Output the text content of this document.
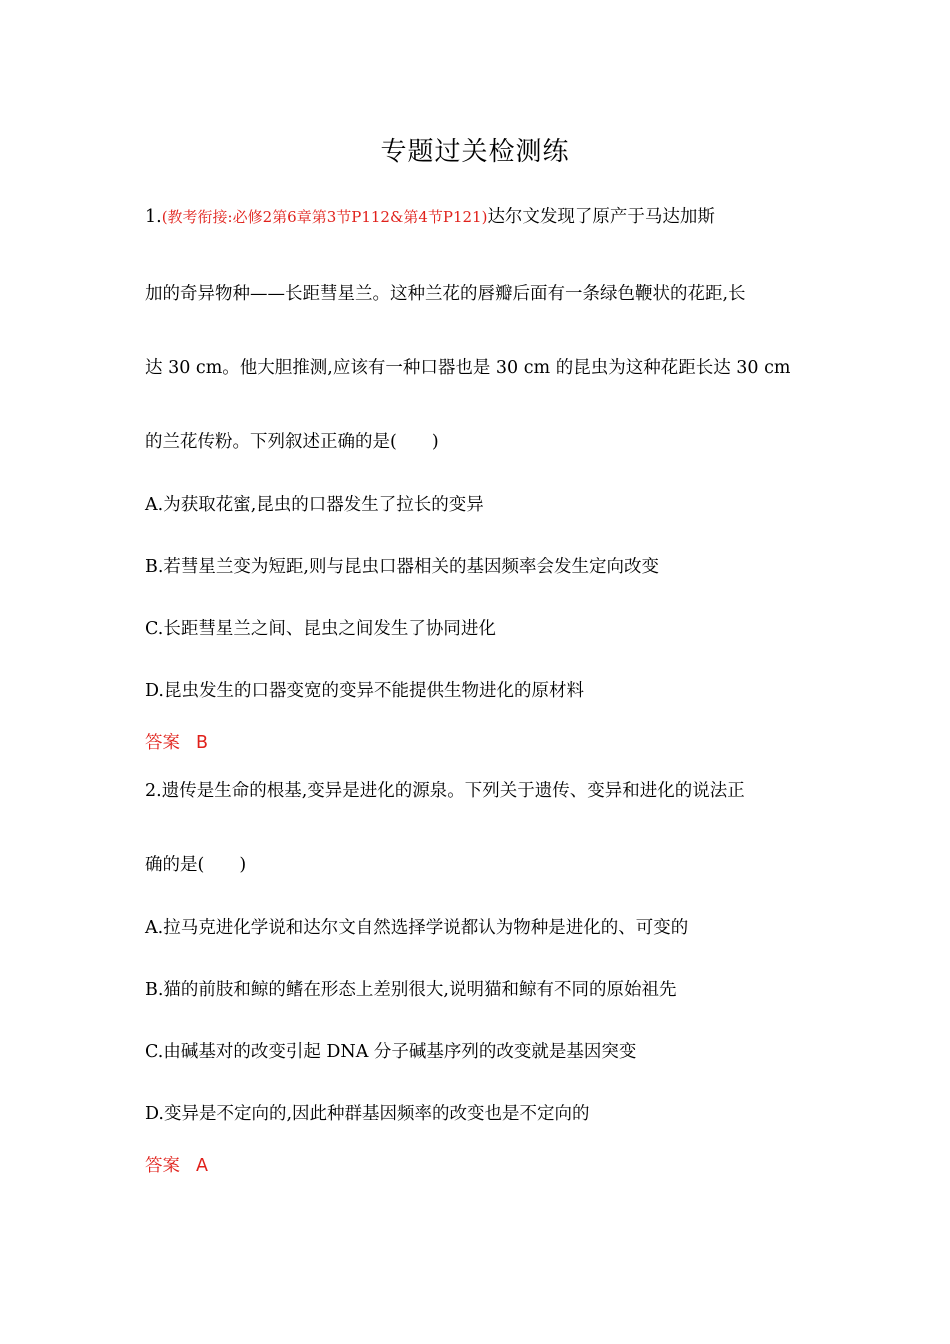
专题过关检测练
1.(教考衔接:必修2第6章第3节P112&第4节P121)达尔文发现了原产于马达加斯
加的奇异物种——长距彗星兰。这种兰花的唇瓣后面有一条绿色鞭状的花距,长
达 30 cm。他大胆推测,应该有一种口器也是 30 cm 的昆虫为这种花距长达 30 cm
的兰花传粉。下列叙述正确的是(　　)
A.为获取花蜜,昆虫的口器发生了拉长的变异
B.若彗星兰变为短距,则与昆虫口器相关的基因频率会发生定向改变
C.长距彗星兰之间、昆虫之间发生了协同进化
D.昆虫发生的口器变宽的变异不能提供生物进化的原材料
答案 B
2.遗传是生命的根基,变异是进化的源泉。下列关于遗传、变异和进化的说法正
确的是(　　)
A.拉马克进化学说和达尔文自然选择学说都认为物种是进化的、可变的
B.猫的前肢和鲸的鳍在形态上差别很大,说明猫和鲸有不同的原始祖先
C.由碱基对的改变引起 DNA 分子碱基序列的改变就是基因突变
D.变异是不定向的,因此种群基因频率的改变也是不定向的
答案 A
